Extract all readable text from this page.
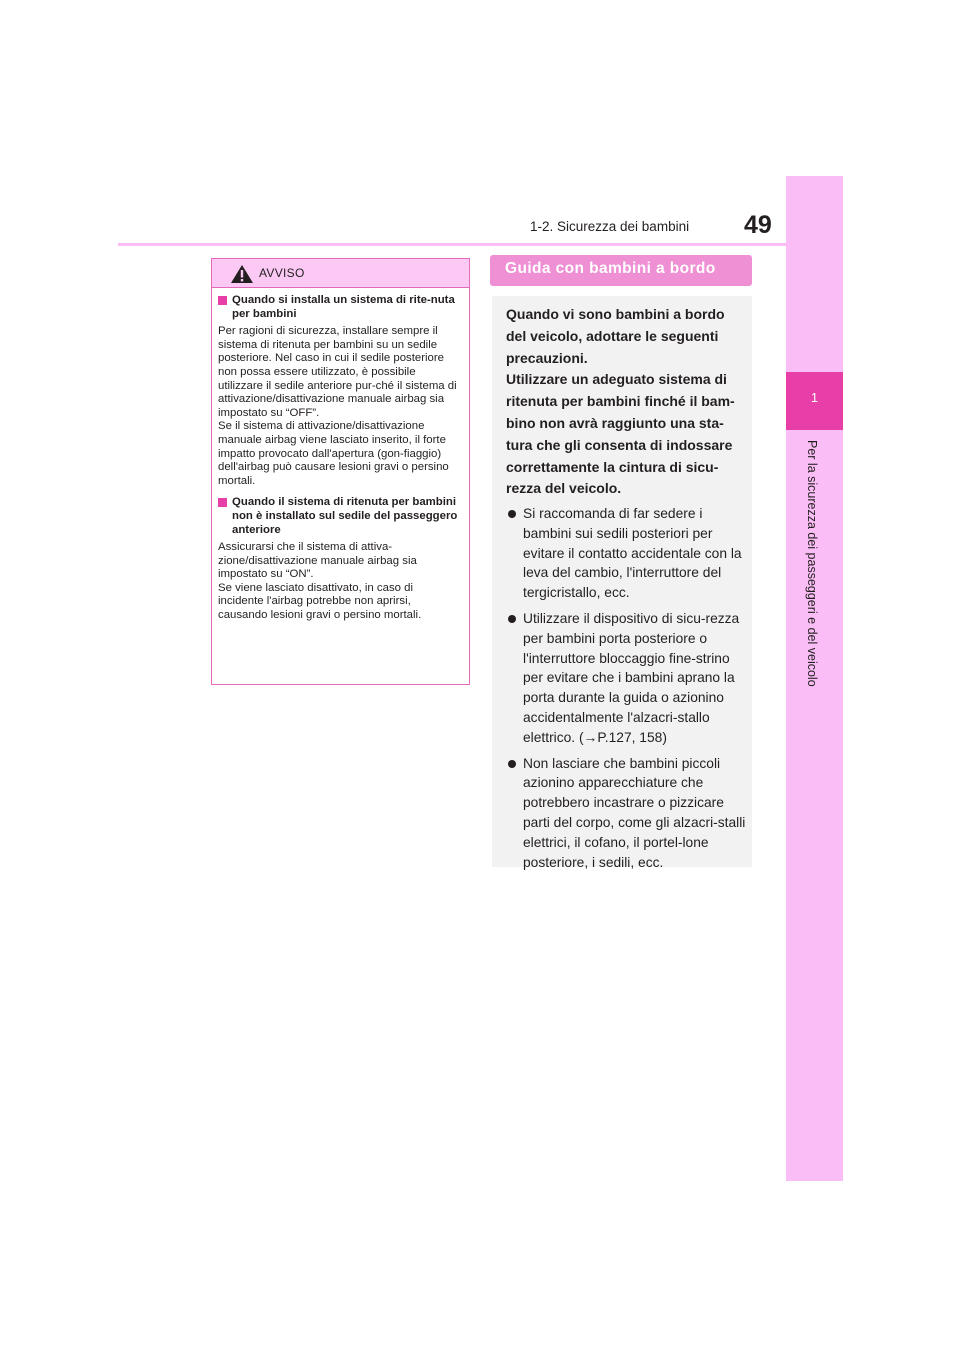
1
Per la sicurezza dei passeggeri e del veicolo
49
1-2. Sicurezza dei bambini
AVVISO
Quando si installa un sistema di rite-nuta per bambini

Per ragioni di sicurezza, installare sempre il sistema di ritenuta per bambini su un sedile posteriore. Nel caso in cui il sedile posteriore non possa essere utilizzato, è possibile utilizzare il sedile anteriore pur-ché il sistema di attivazione/disattivazione manuale airbag sia impostato su “OFF”.

Se il sistema di attivazione/disattivazione manuale airbag viene lasciato inserito, il forte impatto provocato dall'apertura (gon-fiaggio) dell'airbag può causare lesioni gravi o persino mortali.

Quando il sistema di ritenuta per bambini non è installato sul sedile del passeggero anteriore

Assicurarsi che il sistema di attiva-zione/disattivazione manuale airbag sia impostato su “ON”.

Se viene lasciato disattivato, in caso di incidente l'airbag potrebbe non aprirsi, causando lesioni gravi o persino mortali.

Guida con bambini a bordo

Quando vi sono bambini a bordo del veicolo, adottare le seguenti precauzioni.

Utilizzare un adeguato sistema di ritenuta per bambini finché il bam-bino non avrà raggiunto una sta-tura che gli consenta di indossare correttamente la cintura di sicu-rezza del veicolo.

Si raccomanda di far sedere i bambini sui sedili posteriori per evitare il contatto accidentale con la leva del cambio, l'interruttore del tergicristallo, ecc.
Utilizzare il dispositivo di sicu-rezza per bambini porta posteriore o l'interruttore bloccaggio fine-strino per evitare che i bambini aprano la porta durante la guida o azionino accidentalmente l'alzacri-stallo elettrico. (→P.127, 158)
Non lasciare che bambini piccoli azionino apparecchiature che potrebbero incastrare o pizzicare parti del corpo, come gli alzacri-stalli elettrici, il cofano, il portel-lone posteriore, i sedili, ecc.
